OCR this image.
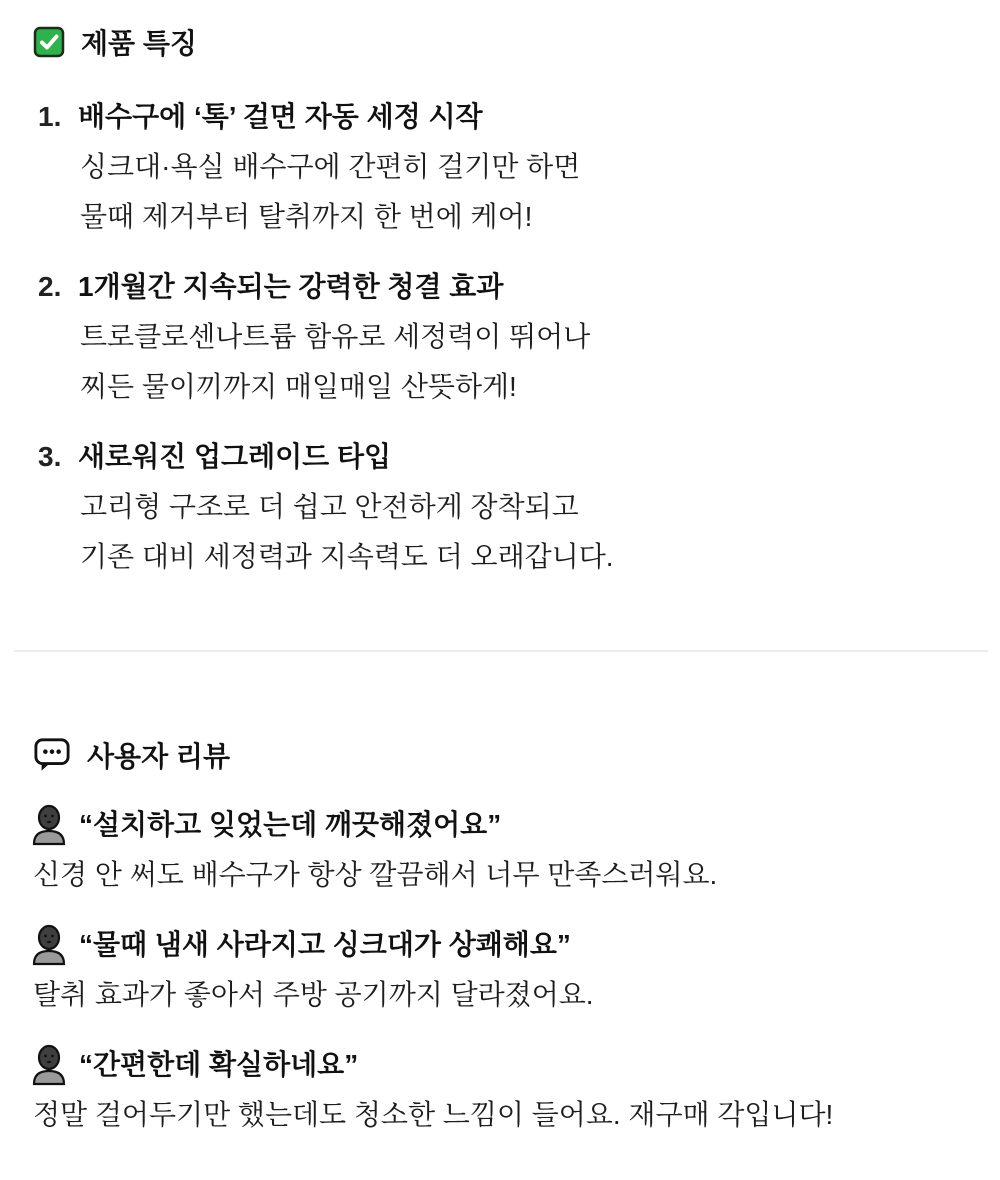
제품 특징
1. 배수구에 ‘톡’ 걸면 자동 세정 시작
싱크대·욕실 배수구에 간편히 걸기만 하면
물때 제거부터 탈취까지 한 번에 케어!
2. 1개월간 지속되는 강력한 청결 효과
트로클로센나트륨 함유로 세정력이 뛰어나
찌든 물이끼까지 매일매일 산뜻하게!
3. 새로워진 업그레이드 타입
고리형 구조로 더 쉽고 안전하게 장착되고
기존 대비 세정력과 지속력도 더 오래갑니다.
사용자 리뷰
“설치하고 잊었는데 깨끗해졌어요”
신경 안 써도 배수구가 항상 깔끔해서 너무 만족스러워요.
“물때 냄새 사라지고 싱크대가 상쾌해요”
탈취 효과가 좋아서 주방 공기까지 달라졌어요.
“간편한데 확실하네요”
정말 걸어두기만 했는데도 청소한 느낌이 들어요. 재구매 각입니다!
